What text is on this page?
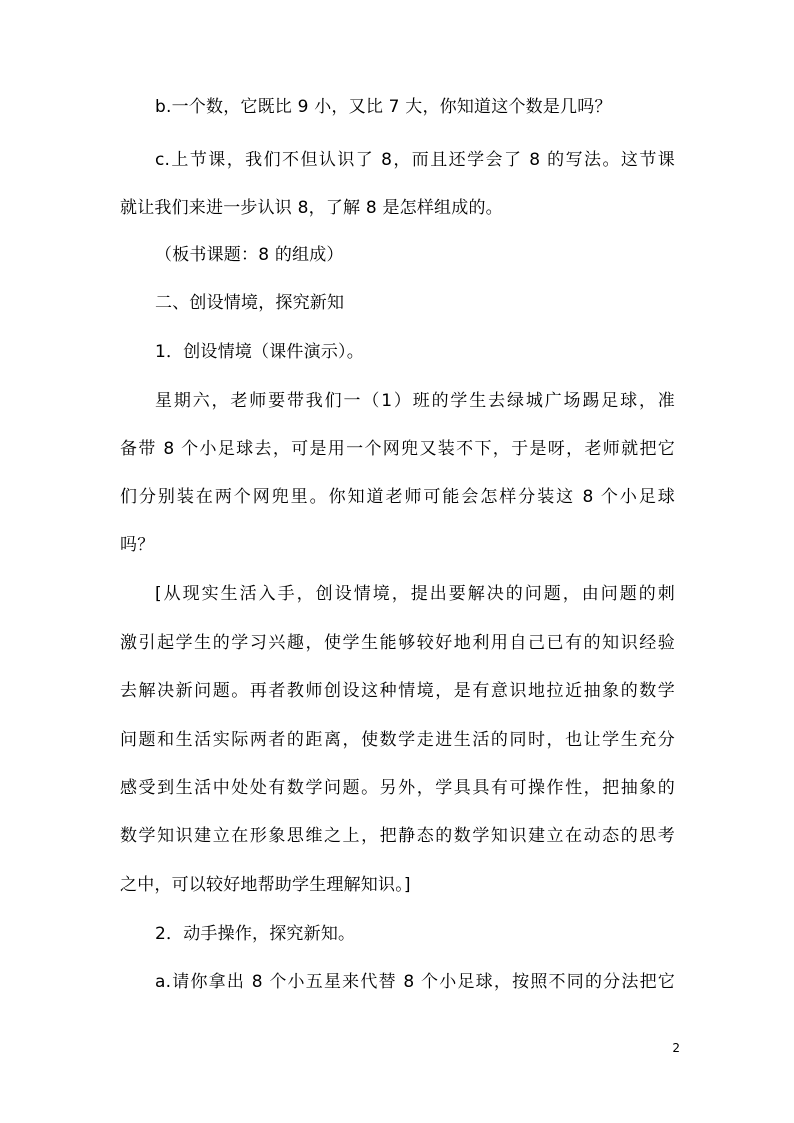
b.一个数，它既比 9 小，又比 7 大，你知道这个数是几吗？
c.上节课，我们不但认识了 8，而且还学会了 8 的写法。这节课
就让我们来进一步认识 8，了解 8 是怎样组成的。
（板书课题：8 的组成）
二、创设情境，探究新知
1．创设情境（课件演示）。
星期六，老师要带我们一（1）班的学生去绿城广场踢足球，准
备带 8 个小足球去，可是用一个网兜又装不下，于是呀，老师就把它
们分别装在两个网兜里。你知道老师可能会怎样分装这 8 个小足球
吗？
[从现实生活入手，创设情境，提出要解决的问题，由问题的刺
激引起学生的学习兴趣，使学生能够较好地利用自己已有的知识经验
去解决新问题。再者教师创设这种情境，是有意识地拉近抽象的数学
问题和生活实际两者的距离，使数学走进生活的同时，也让学生充分
感受到生活中处处有数学问题。另外，学具具有可操作性，把抽象的
数学知识建立在形象思维之上，把静态的数学知识建立在动态的思考
之中，可以较好地帮助学生理解知识。]
2．动手操作，探究新知。
a.请你拿出 8 个小五星来代替 8 个小足球，按照不同的分法把它
2
